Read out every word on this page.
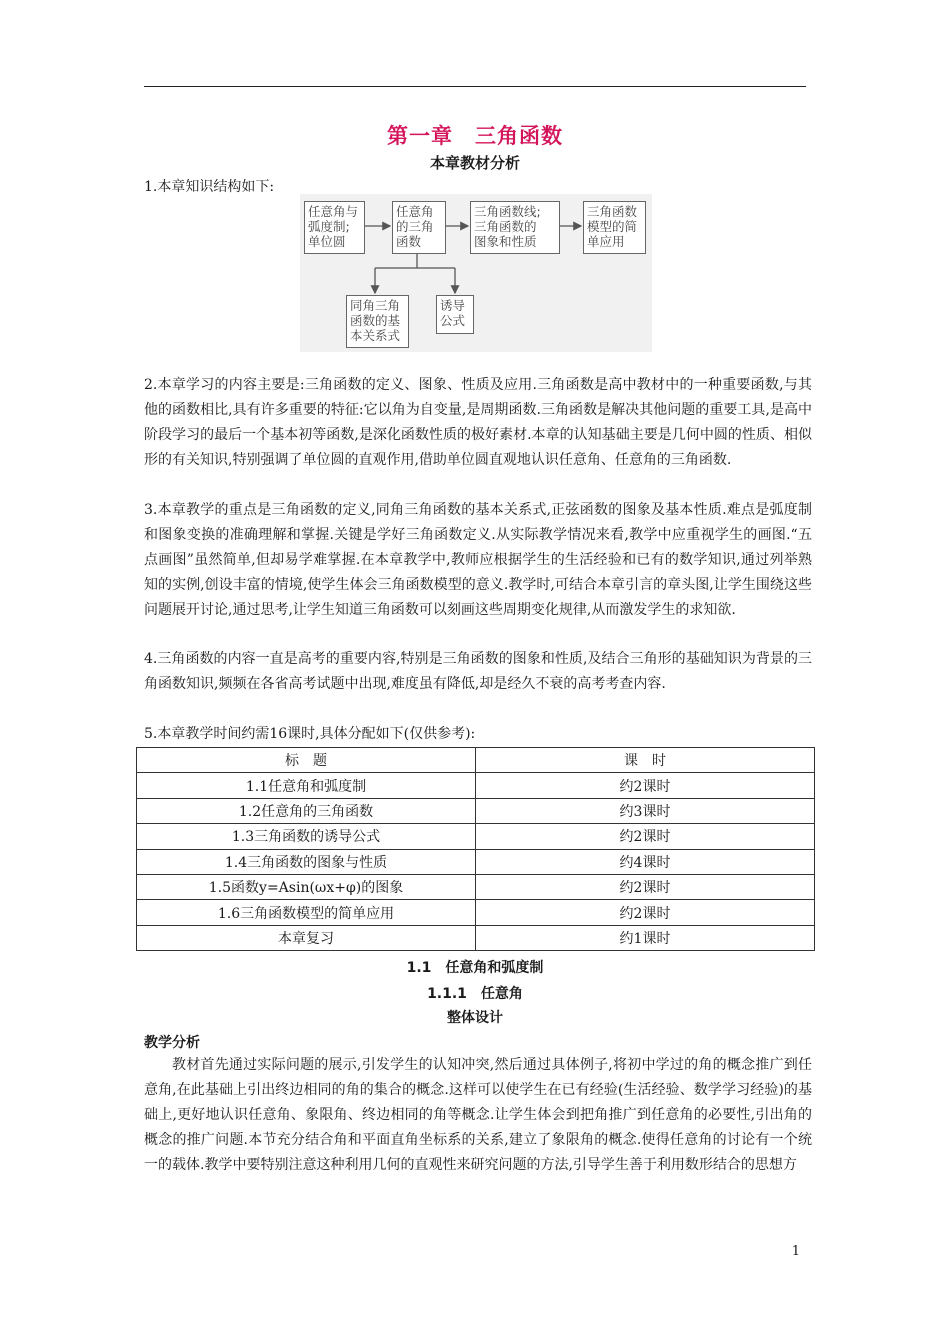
第一章　三角函数
本章教材分析
1.本章知识结构如下:
任意角与
弧度制;
单位圆
任意角
的三角
函数
三角函数线;
三角函数的
图象和性质
三角函数
模型的简
单应用
同角三角
函数的基
本关系式
诱导
公式
2.本章学习的内容主要是:三角函数的定义、图象、性质及应用.三角函数是高中教材中的一种重要函数,与其他的函数相比,具有许多重要的特征:它以角为自变量,是周期函数.三角函数是解决其他问题的重要工具,是高中阶段学习的最后一个基本初等函数,是深化函数性质的极好素材.本章的认知基础主要是几何中圆的性质、相似形的有关知识,特别强调了单位圆的直观作用,借助单位圆直观地认识任意角、任意角的三角函数.
3.本章教学的重点是三角函数的定义,同角三角函数的基本关系式,正弦函数的图象及基本性质.难点是弧度制和图象变换的准确理解和掌握.关键是学好三角函数定义.从实际教学情况来看,教学中应重视学生的画图.“五点画图”虽然简单,但却易学难掌握.在本章教学中,教师应根据学生的生活经验和已有的数学知识,通过列举熟知的实例,创设丰富的情境,使学生体会三角函数模型的意义.教学时,可结合本章引言的章头图,让学生围绕这些问题展开讨论,通过思考,让学生知道三角函数可以刻画这些周期变化规律,从而激发学生的求知欲.
4.三角函数的内容一直是高考的重要内容,特别是三角函数的图象和性质,及结合三角形的基础知识为背景的三角函数知识,频频在各省高考试题中出现,难度虽有降低,却是经久不衰的高考考查内容.
5.本章教学时间约需16课时,具体分配如下(仅供参考):
标　题	课　时
1.1任意角和弧度制	约2课时
1.2任意角的三角函数	约3课时
1.3三角函数的诱导公式	约2课时
1.4三角函数的图象与性质	约4课时
1.5函数y=Asin(ωx+φ)的图象	约2课时
1.6三角函数模型的简单应用	约2课时
本章复习	约1课时
1.1　任意角和弧度制
1.1.1　任意角
整体设计
教学分析
教材首先通过实际问题的展示,引发学生的认知冲突,然后通过具体例子,将初中学过的角的概念推广到任意角,在此基础上引出终边相同的角的集合的概念.这样可以使学生在已有经验(生活经验、数学学习经验)的基础上,更好地认识任意角、象限角、终边相同的角等概念.让学生体会到把角推广到任意角的必要性,引出角的概念的推广问题.本节充分结合角和平面直角坐标系的关系,建立了象限角的概念.使得任意角的讨论有一个统一的载体.教学中要特别注意这种利用几何的直观性来研究问题的方法,引导学生善于利用数形结合的思想方
1
